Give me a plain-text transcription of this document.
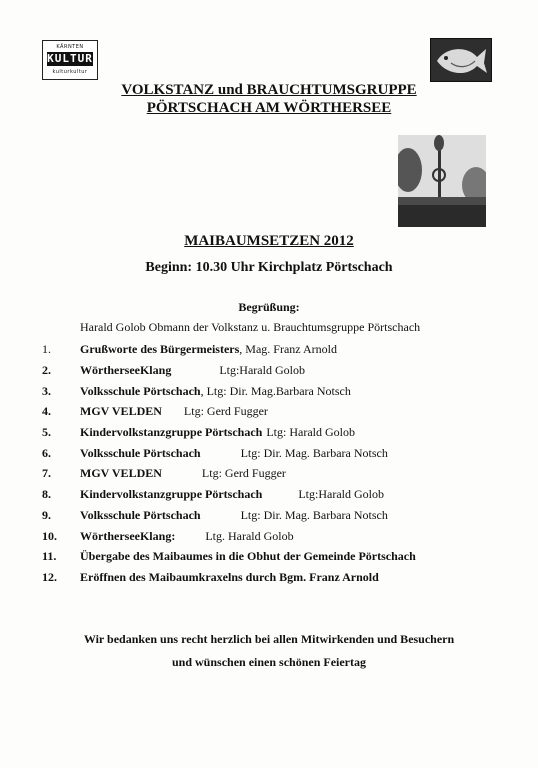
KÄRNTEN
KULTUR
kulturkultur
VOLKSTANZ und BRAUCHTUMSGRUPPE
PÖRTSCHACH AM WÖRTHERSEE
MAIBAUMSETZEN 2012
Beginn: 10.30 Uhr Kirchplatz Pörtschach
Begrüßung:
Harald Golob Obmann der Volkstanz u. Brauchtumsgruppe Pörtschach
1. Grußworte des Bürgermeisters, Mag. Franz Arnold
2. WörtherseeKlang	Ltg:Harald Golob
3. Volksschule Pörtschach, Ltg: Dir. Mag.Barbara Notsch
4. MGV VELDEN Ltg: Gerd Fugger
5. Kindervolkstanzgruppe Pörtschach Ltg: Harald Golob
6. Volksschule Pörtschach	Ltg: Dir. Mag. Barbara Notsch
7. MGV VELDEN	Ltg: Gerd Fugger
8. Kindervolkstanzgruppe Pörtschach	Ltg:Harald Golob
9. Volksschule Pörtschach	Ltg: Dir. Mag. Barbara Notsch
10. WörtherseeKlang:	Ltg. Harald Golob
11. Übergabe des Maibaumes in die Obhut der Gemeinde Pörtschach
12. Eröffnen des Maibaumkraxelns durch Bgm. Franz Arnold
Wir bedanken uns recht herzlich bei allen Mitwirkenden und Besuchern
und wünschen einen schönen Feiertag
